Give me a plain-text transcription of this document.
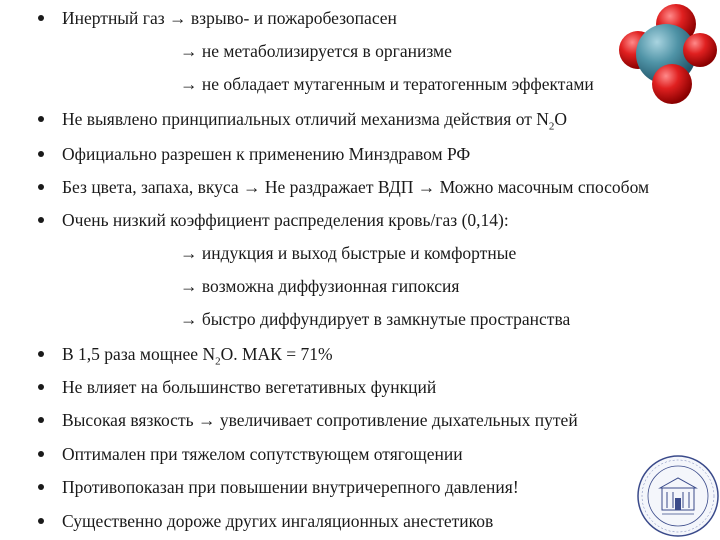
Инертный газ → взрыво- и пожаробезопасен
→ не метаболизируется в организме
→ не обладает мутагенным и тератогенным эффектами
Не выявлено принципиальных отличий механизма действия от $N_2O$
Официально разрешен к применению Минздравом РФ
Без цвета, запаха, вкуса → Не раздражает ВДП → Можно масочным способом
Очень низкий коэффициент распределения кровь/газ (0,14):
→ индукция и выход быстрые и комфортные
→ возможна диффузионная гипоксия
→ быстро диффундирует в замкнутые пространства
В 1,5 раза мощнее $N_2O$. МАК = 71%
Не влияет на большинство вегетативных функций
Высокая вязкость → увеличивает сопротивление дыхательных путей
Оптимален при тяжелом сопутствующем отягощении
Противопоказан при повышении внутричерепного давления!
Существенно дороже других ингаляционных анестетиков
